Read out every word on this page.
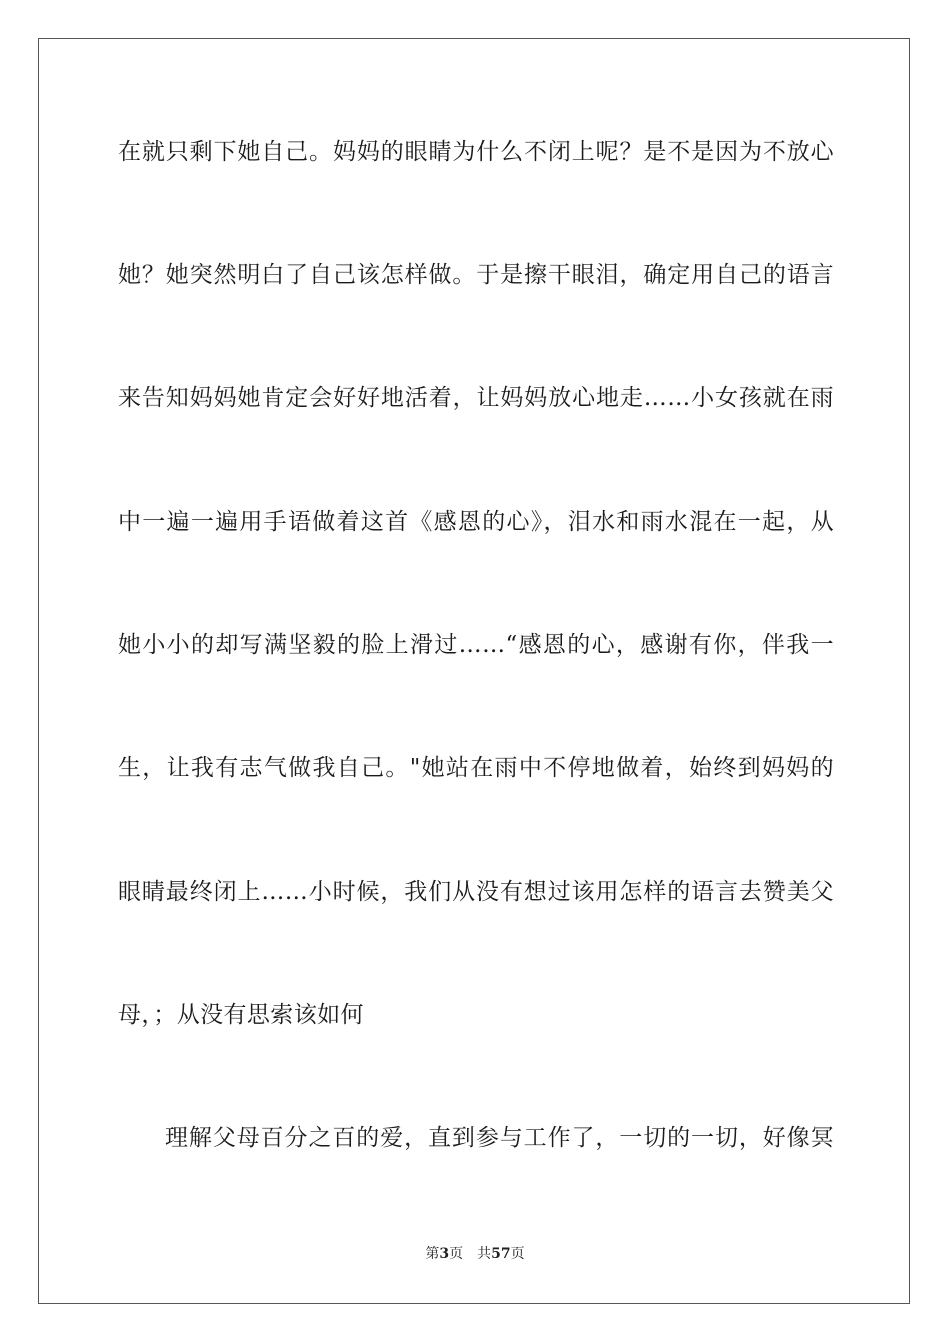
在就只剩下她自己。妈妈的眼睛为什么不闭上呢？是不是因为不放心
她？她突然明白了自己该怎样做。于是擦干眼泪，确定用自己的语言
来告知妈妈她肯定会好好地活着，让妈妈放心地走……小女孩就在雨
中一遍一遍用手语做着这首《感恩的心》，泪水和雨水混在一起，从
她小小的却写满坚毅的脸上滑过……“感恩的心，感谢有你，伴我一
生，让我有志气做我自己。"她站在雨中不停地做着，始终到妈妈的
眼睛最终闭上……小时候，我们从没有想过该用怎样的语言去赞美父
母，；从没有思索该如何
理解父母百分之百的爱，直到参与工作了，一切的一切，好像冥
第3页 共57页
